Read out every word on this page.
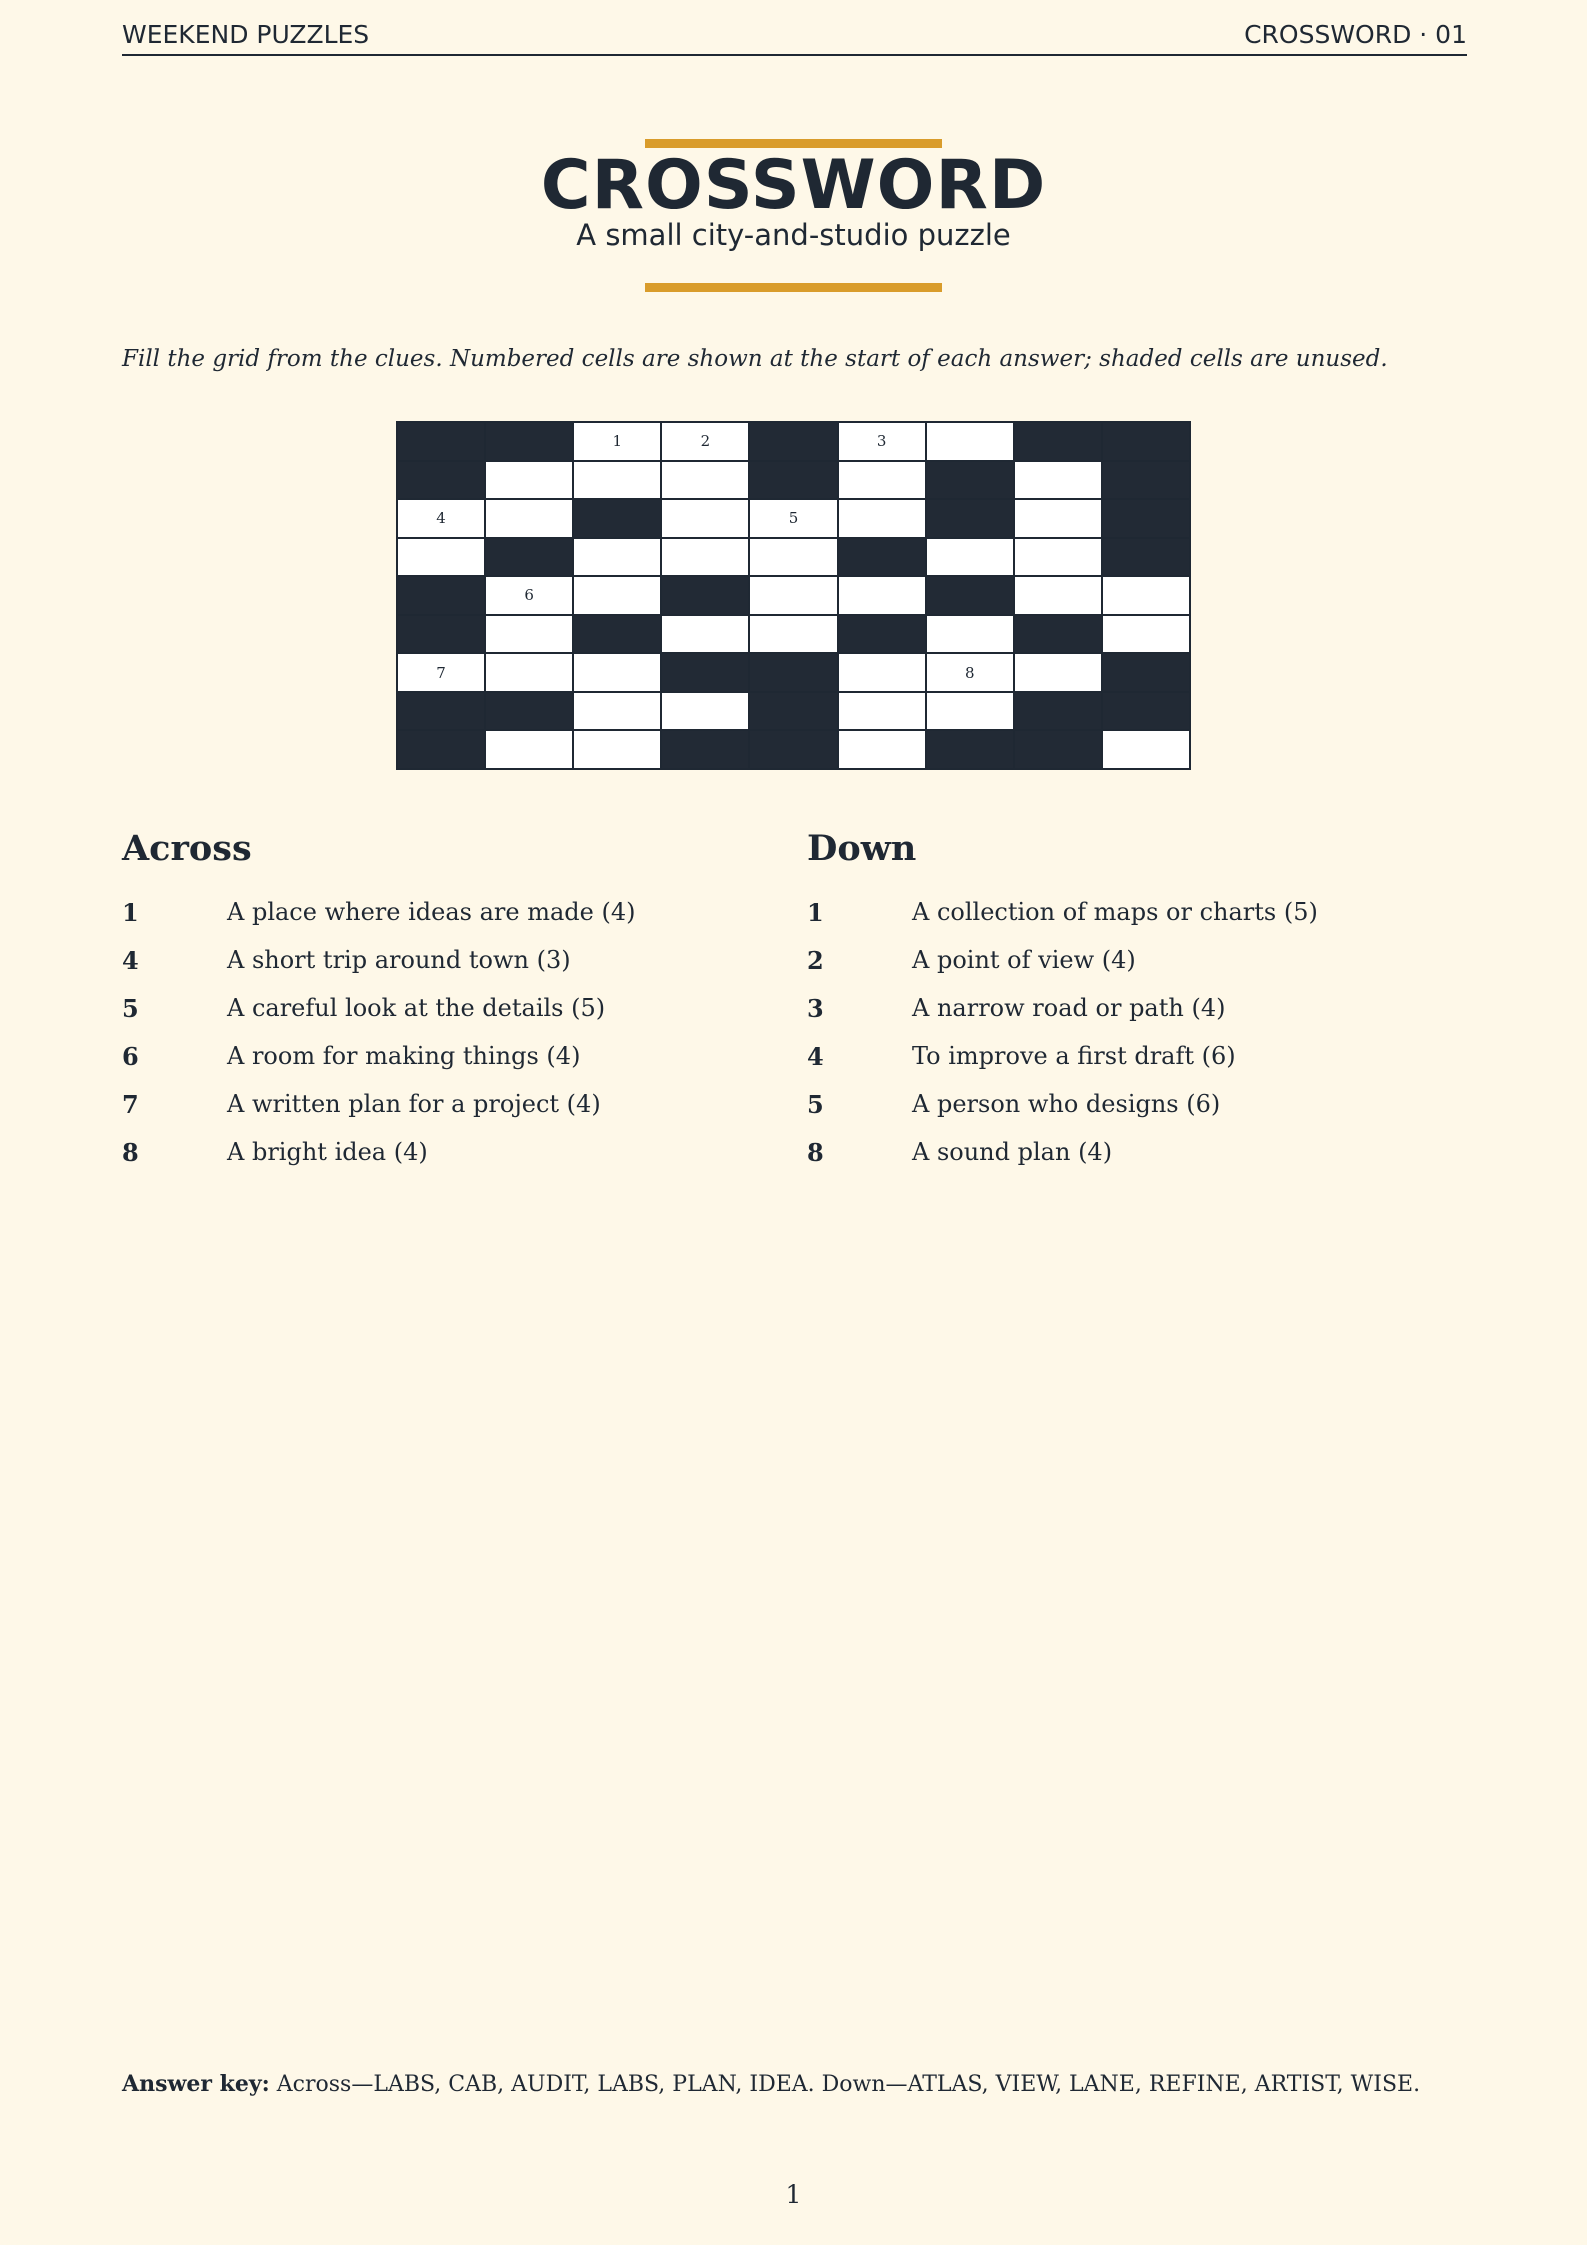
WEEKEND PUZZLES	CROSSWORD · 01
CROSSWORD
A small city-and-studio puzzle
Fill the grid from the clues. Numbered cells are shown at the start of each answer; shaded cells are unused.
1	2	3
4	5
6
7	8
Across
1	A place where ideas are made (4)
4	A short trip around town (3)
5	A careful look at the details (5)
6	A room for making things (4)
7	A written plan for a project (4)
8	A bright idea (4)
Down
1	A collection of maps or charts (5)
2	A point of view (4)
3	A narrow road or path (4)
4	To improve a first draft (6)
5	A person who designs (6)
8	A sound plan (4)
Answer key: Across—LABS, CAB, AUDIT, LABS, PLAN, IDEA. Down—ATLAS, VIEW, LANE, REFINE, ARTIST, WISE.
1
